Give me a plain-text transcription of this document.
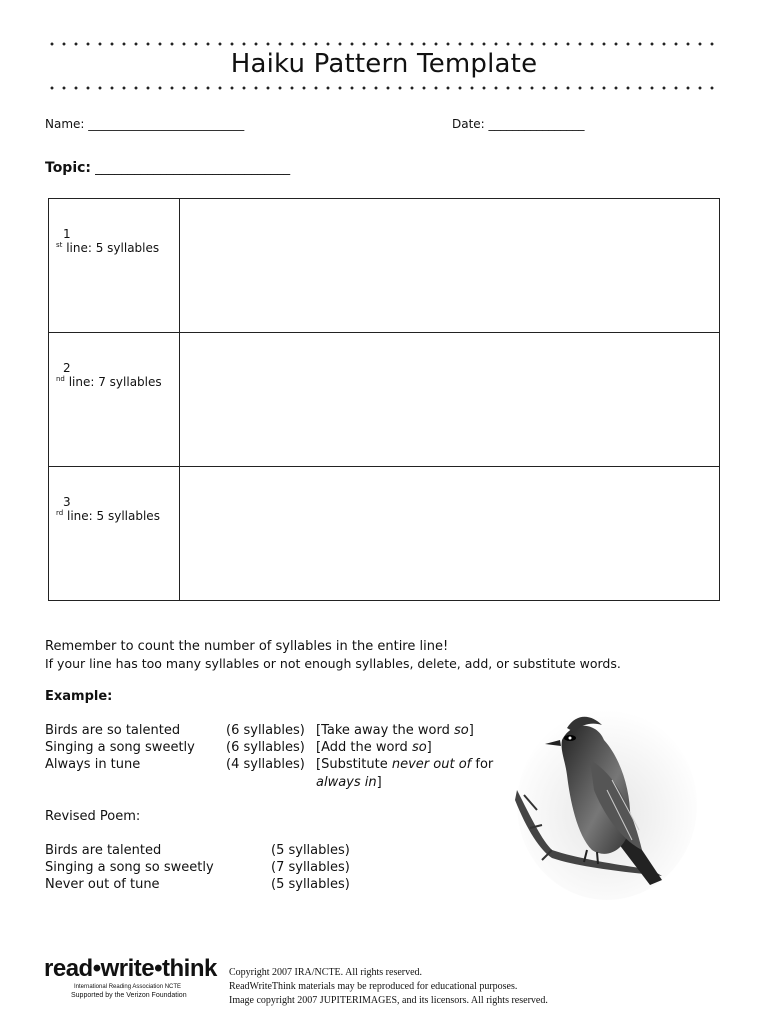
Haiku Pattern Template
Name: __________________________	Date: ________________
Topic: ______________________________
1
$^{st}$ line: 5 syllables	

2
$^{nd}$ line: 7 syllables	

3
$^{rd}$ line: 5 syllables	

Remember to count the number of syllables in the entire line!
If your line has too many syllables or not enough syllables, delete, add, or substitute words.
Example:
Birds are so talented	(6 syllables) [Take away the word so]
Singing a song sweetly (6 syllables) [Add the word so]
Always in tune	(4 syllables) [Substitute never out of for
always in]
Revised Poem:
Birds are talented	(5 syllables)
Singing a song so sweetly	(7 syllables)
Never out of tune	(5 syllables)
read•write•think
International Reading Association NCTE
Supported by the Verizon Foundation
Copyright 2007 IRA/NCTE. All rights reserved.
ReadWriteThink materials may be reproduced for educational purposes.
Image copyright 2007 JUPITERIMAGES, and its licensors. All rights reserved.
